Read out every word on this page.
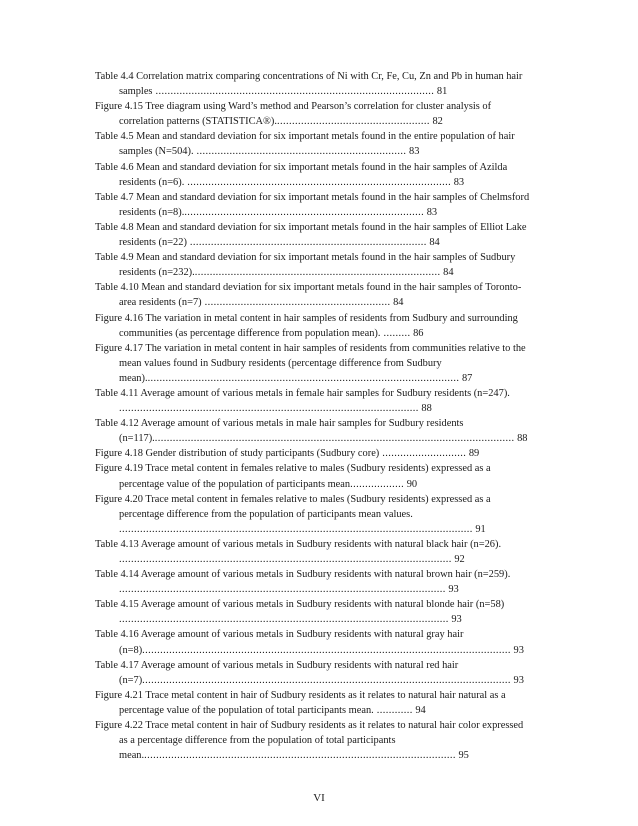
Table 4.4 Correlation matrix comparing concentrations of Ni with Cr, Fe, Cu, Zn and Pb in human hair samples ............................................................................................. 81
Figure 4.15 Tree diagram using Ward’s method and Pearson’s correlation for cluster analysis of correlation patterns (STATISTICA®).................................................... 82
Table 4.5 Mean and standard deviation for six important metals found in the entire population of hair samples (N=504). ...................................................................... 83
Table 4.6 Mean and standard deviation for six important metals found in the hair samples of Azilda residents (n=6). ........................................................................................ 83
Table 4.7 Mean and standard deviation for six important metals found in the hair samples of Chelmsford residents (n=8)................................................................................. 83
Table 4.8 Mean and standard deviation for six important metals found in the hair samples of Elliot Lake residents (n=22) ............................................................................... 84
Table 4.9 Mean and standard deviation for six important metals found in the hair samples of Sudbury residents (n=232)................................................................................... 84
Table 4.10 Mean and standard deviation for six important metals found in the hair samples of Toronto-area residents (n=7) .............................................................. 84
Figure 4.16 The variation in metal content in hair samples of residents from Sudbury and surrounding communities (as percentage difference from population mean). ......... 86
Figure 4.17 The variation in metal content in hair samples of residents from communities relative to the mean values found in Sudbury residents (percentage difference from Sudbury mean)......................................................................................................... 87
Table 4.11 Average amount of various metals in female hair samples for Sudbury residents (n=247). .................................................................................................... 88
Table 4.12 Average amount of various metals in male hair samples for Sudbury residents (n=117)......................................................................................................................... 88
Figure 4.18 Gender distribution of study participants (Sudbury core) ............................ 89
Figure 4.19 Trace metal content in females relative to males (Sudbury residents) expressed as a percentage value of the population of participants mean.................. 90
Figure 4.20 Trace metal content in females relative to males (Sudbury residents) expressed as a percentage difference from the population of participants mean values. ...................................................................................................................... 91
Table 4.13 Average amount of various metals in Sudbury residents with natural black hair (n=26). ............................................................................................................... 92
Table 4.14 Average amount of various metals in Sudbury residents with natural brown hair (n=259). ............................................................................................................. 93
Table 4.15 Average amount of various metals in Sudbury residents with natural blonde hair (n=58) .............................................................................................................. 93
Table 4.16 Average amount of various metals in Sudbury residents with natural gray hair (n=8)........................................................................................................................... 93
Table 4.17 Average amount of various metals in Sudbury residents with natural red hair (n=7)........................................................................................................................... 93
Figure 4.21 Trace metal content in hair of Sudbury residents as it relates to natural hair natural as a percentage value of the population of total participants mean. ............ 94
Figure 4.22 Trace metal content in hair of Sudbury residents as it relates to natural hair color expressed as a percentage difference from the population of total participants mean......................................................................................................... 95
VI
